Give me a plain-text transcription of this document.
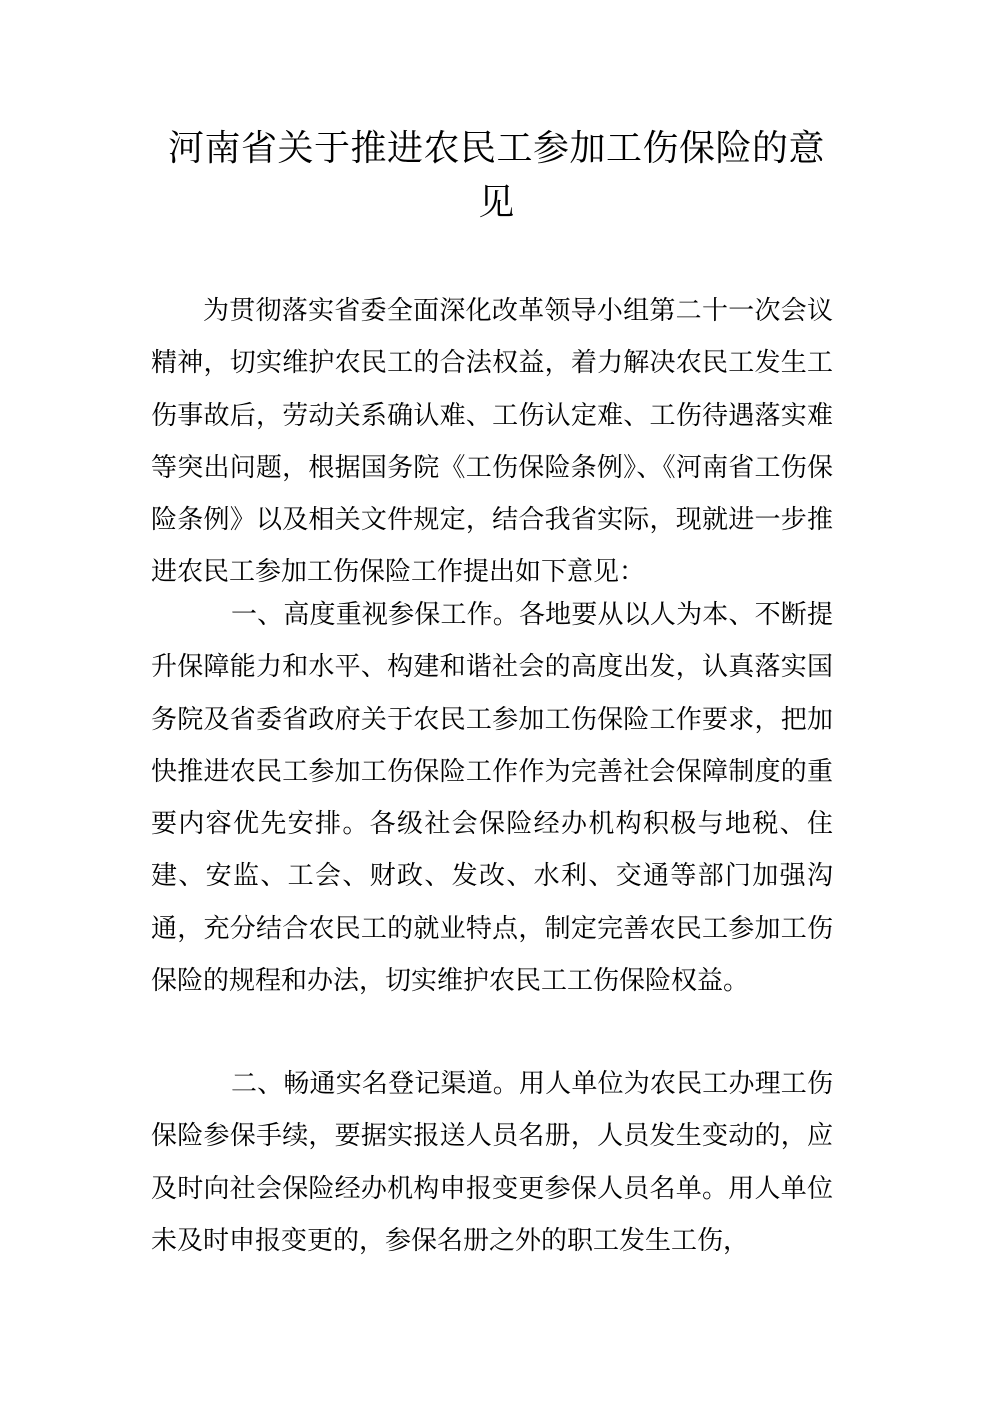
河南省关于推进农民工参加工伤保险的意
见

为贯彻落实省委全面深化改革领导小组第二十一次会议精神，切实维护农民工的合法权益，着力解决农民工发生工伤事故后，劳动关系确认难、工伤认定难、工伤待遇落实难等突出问题，根据国务院《工伤保险条例》、《河南省工伤保险条例》以及相关文件规定，结合我省实际，现就进一步推进农民工参加工伤保险工作提出如下意见：

一、高度重视参保工作。各地要从以人为本、不断提升保障能力和水平、构建和谐社会的高度出发，认真落实国务院及省委省政府关于农民工参加工伤保险工作要求，把加快推进农民工参加工伤保险工作作为完善社会保障制度的重要内容优先安排。各级社会保险经办机构积极与地税、住建、安监、工会、财政、发改、水利、交通等部门加强沟通，充分结合农民工的就业特点，制定完善农民工参加工伤保险的规程和办法，切实维护农民工工伤保险权益。

二、畅通实名登记渠道。用人单位为农民工办理工伤保险参保手续，要据实报送人员名册，人员发生变动的，应及时向社会保险经办机构申报变更参保人员名单。用人单位未及时申报变更的，参保名册之外的职工发生工伤，
